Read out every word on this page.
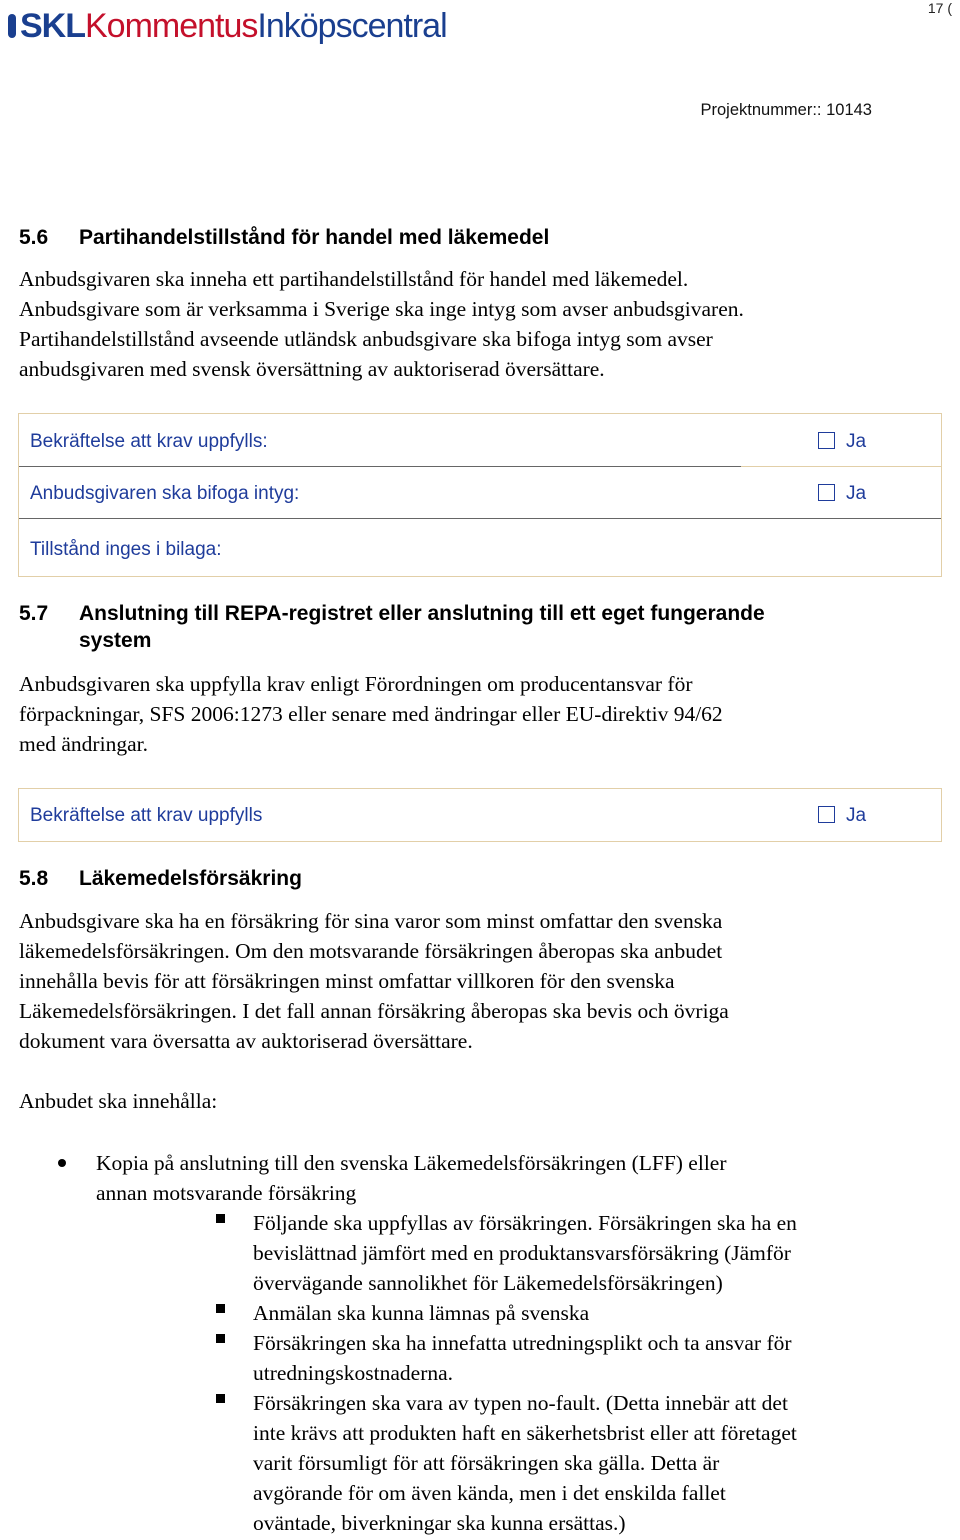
SKL Kommentus Inköpscentral	17 (
Projektnummer:: 10143
5.6 Partihandelstillstånd för handel med läkemedel
Anbudsgivaren ska inneha ett partihandelstillstånd för handel med läkemedel.
Anbudsgivare som är verksamma i Sverige ska inge intyg som avser anbudsgivaren.
Partihandelstillstånd avseende utländsk anbudsgivare ska bifoga intyg som avser
anbudsgivaren med svensk översättning av auktoriserad översättare.
Bekräftelse att krav uppfylls:	Ja
Anbudsgivaren ska bifoga intyg:	Ja
Tillstånd inges i bilaga:
5.7 Anslutning till REPA-registret eller anslutning till ett eget fungerande
system
Anbudsgivaren ska uppfylla krav enligt Förordningen om producentansvar för
förpackningar, SFS 2006:1273 eller senare med ändringar eller EU-direktiv 94/62
med ändringar.
Bekräftelse att krav uppfylls	Ja
5.8 Läkemedelsförsäkring
Anbudsgivare ska ha en försäkring för sina varor som minst omfattar den svenska
läkemedelsförsäkringen. Om den motsvarande försäkringen åberopas ska anbudet
innehålla bevis för att försäkringen minst omfattar villkoren för den svenska
Läkemedelsförsäkringen. I det fall annan försäkring åberopas ska bevis och övriga
dokument vara översatta av auktoriserad översättare.
Anbudet ska innehålla:
Kopia på anslutning till den svenska Läkemedelsförsäkringen (LFF) eller
annan motsvarande försäkring
Följande ska uppfyllas av försäkringen. Försäkringen ska ha en
bevislättnad jämfört med en produktansvarsförsäkring (Jämför
övervägande sannolikhet för Läkemedelsförsäkringen)
Anmälan ska kunna lämnas på svenska
Försäkringen ska ha innefatta utredningsplikt och ta ansvar för
utredningskostnaderna.
Försäkringen ska vara av typen no-fault. (Detta innebär att det
inte krävs att produkten haft en säkerhetsbrist eller att företaget
varit försumligt för att försäkringen ska gälla. Detta är
avgörande för om även kända, men i det enskilda fallet
oväntade, biverkningar ska kunna ersättas.)
